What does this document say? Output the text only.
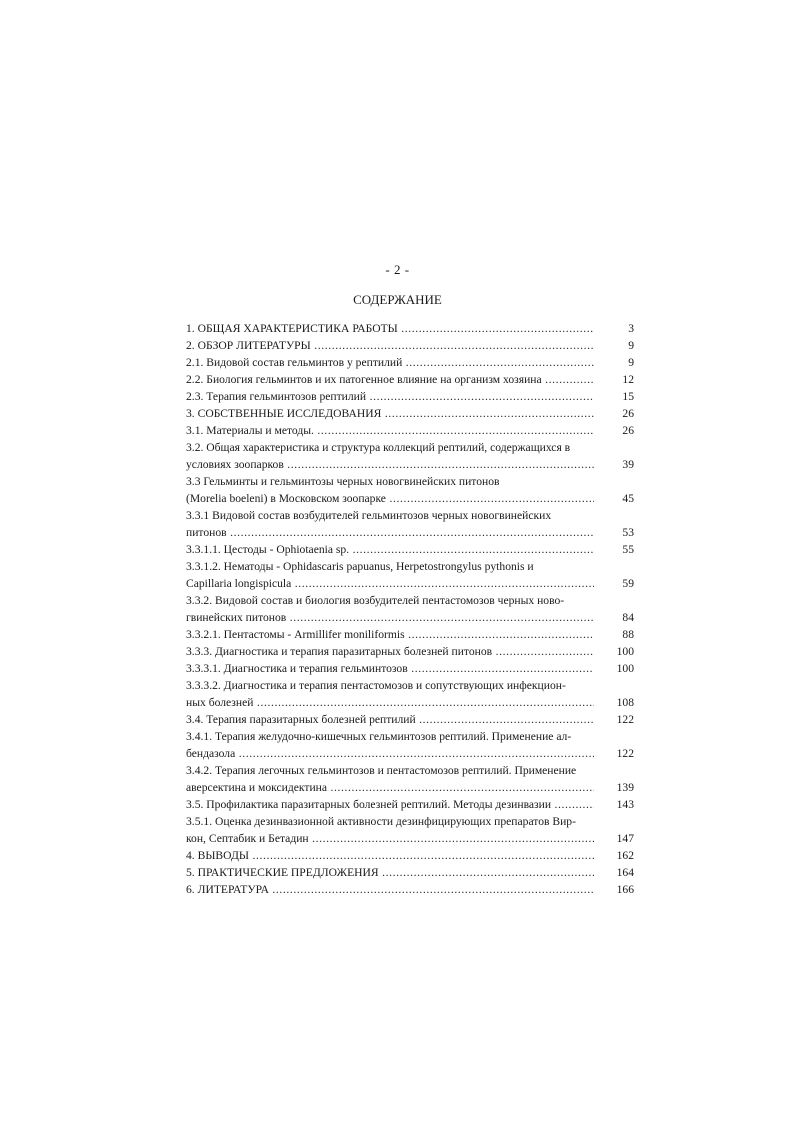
- 2 -
СОДЕРЖАНИЕ
1. ОБЩАЯ ХАРАКТЕРИСТИКА РАБОТЫ .....	3
2. ОБЗОР ЛИТЕРАТУРЫ .....	9
2.1. Видовой состав гельминтов у рептилий .....	9
2.2. Биология гельминтов и их патогенное влияние на организм хозяина .....	12
2.3. Терапия гельминтозов рептилий .....	15
3. СОБСТВЕННЫЕ ИССЛЕДОВАНИЯ .....	26
3.1. Материалы и методы. .....	26
3.2. Общая характеристика и структура коллекций рептилий, содержащихся в
условиях зоопарков .....	39
3.3 Гельминты и гельминтозы черных новогвинейских питонов
(Morelia boeleni) в Московском зоопарке .....	45
3.3.1 Видовой состав возбудителей гельминтозов черных новогвинейских
питонов .....	53
3.3.1.1. Цестоды - Ophiotaenia sp. .....	55
3.3.1.2. Нематоды - Ophidascaris papuanus, Herpetostrongylus pythonis и
Capillaria longispicula .....	59
3.3.2. Видовой состав и биология возбудителей пентастомозов черных ново-
гвинейских питонов .....	84
3.3.2.1. Пентастомы - Armillifer moniliformis .....	88
3.3.3. Диагностика и терапия паразитарных болезней питонов .....	100
3.3.3.1. Диагностика и терапия гельминтозов .....	100
3.3.3.2. Диагностика и терапия пентастомозов и сопутствующих инфекцион-
ных болезней .....	108
3.4. Терапия паразитарных болезней рептилий .....	122
3.4.1. Терапия желудочно-кишечных гельминтозов рептилий. Применение ал-
бендазола .....	122
3.4.2. Терапия легочных гельминтозов и пентастомозов рептилий. Применение
аверсектина и моксидектина .....	139
3.5. Профилактика паразитарных болезней рептилий. Методы дезинвазии .....	143
3.5.1. Оценка дезинвазионной активности дезинфицирующих препаратов Вир-
кон, Септабик и Бетадин .....	147
4. ВЫВОДЫ .....	162
5. ПРАКТИЧЕСКИЕ ПРЕДЛОЖЕНИЯ .....	164
6. ЛИТЕРАТУРА .....	166
